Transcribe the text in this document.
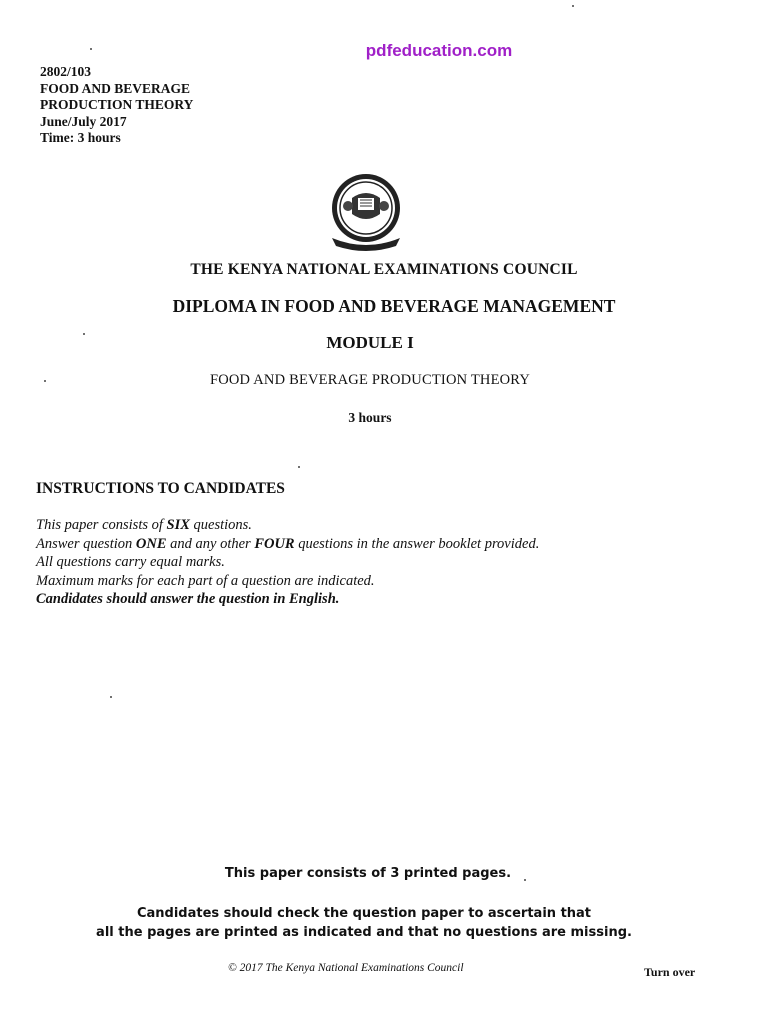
pdfeducation.com
2802/103
FOOD AND BEVERAGE
PRODUCTION THEORY
June/July 2017
Time: 3 hours
THE KENYA NATIONAL EXAMINATIONS COUNCIL
DIPLOMA IN FOOD AND BEVERAGE MANAGEMENT
MODULE I
FOOD AND BEVERAGE PRODUCTION THEORY
3 hours
INSTRUCTIONS TO CANDIDATES
This paper consists of SIX questions.
Answer question ONE and any other FOUR questions in the answer booklet provided.
All questions carry equal marks.
Maximum marks for each part of a question are indicated.
Candidates should answer the question in English.
This paper consists of 3 printed pages.
Candidates should check the question paper to ascertain that
all the pages are printed as indicated and that no questions are missing.
© 2017 The Kenya National Examinations Council	Turn over
